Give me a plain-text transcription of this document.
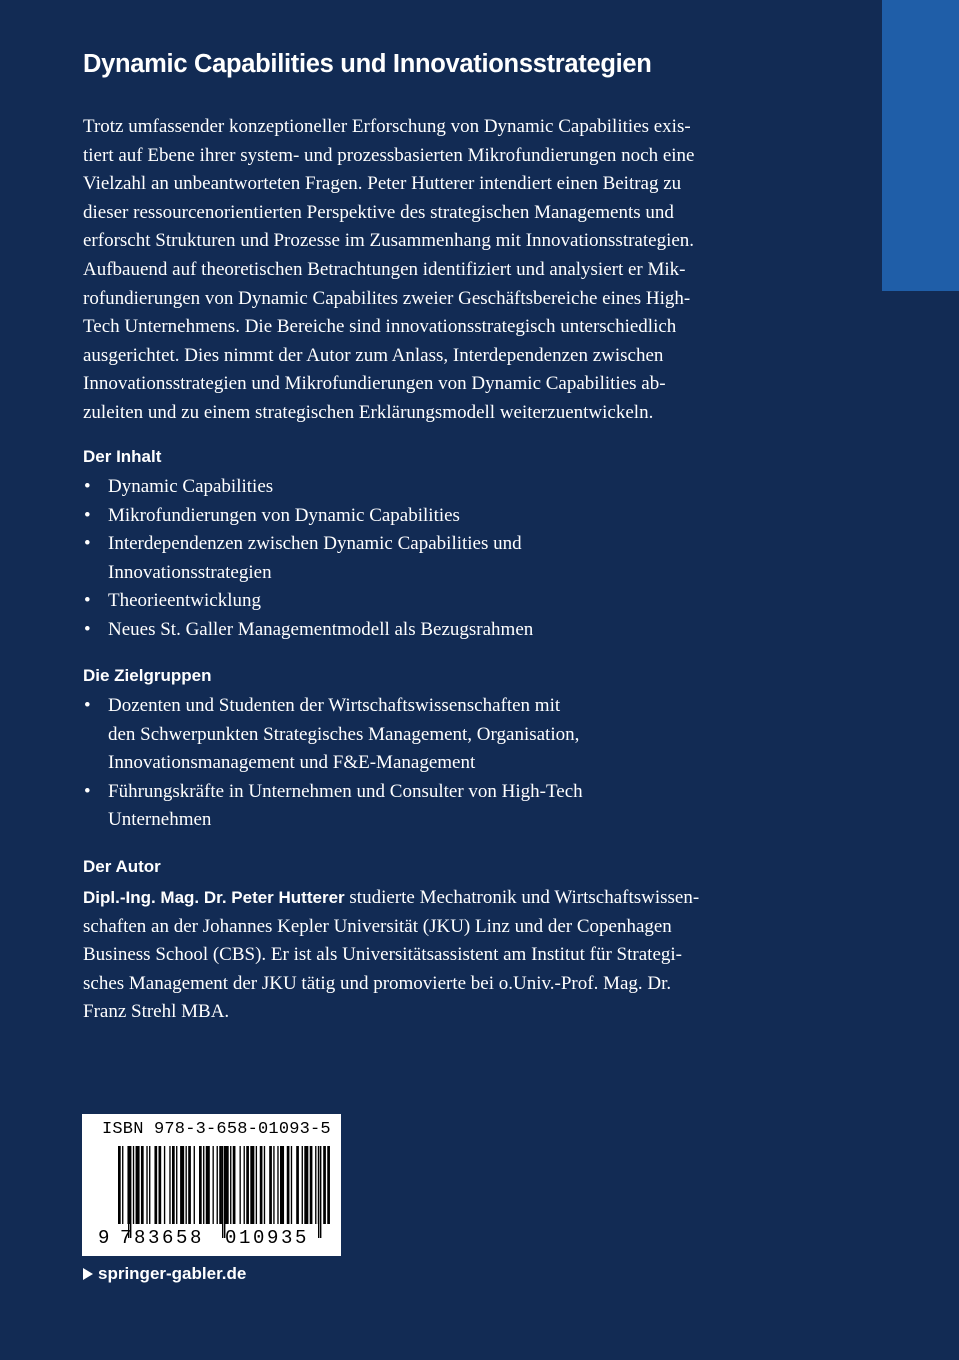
Dynamic Capabilities und Innovationsstrategien
Trotz umfassender konzeptioneller Erforschung von Dynamic Capabilities exis-
tiert auf Ebene ihrer system- und prozessbasierten Mikrofundierungen noch eine
Vielzahl an unbeantworteten Fragen. Peter Hutterer intendiert einen Beitrag zu
dieser ressourcenorientierten Perspektive des strategischen Managements und
erforscht Strukturen und Prozesse im Zusammenhang mit Innovationsstrategien.
Aufbauend auf theoretischen Betrachtungen identifiziert und analysiert er Mik-
rofundierungen von Dynamic Capabilites zweier Geschäftsbereiche eines High-
Tech Unternehmens. Die Bereiche sind innovationsstrategisch unterschiedlich
ausgerichtet. Dies nimmt der Autor zum Anlass, Interdependenzen zwischen
Innovationsstrategien und Mikrofundierungen von Dynamic Capabilities ab-
zuleiten und zu einem strategischen Erklärungsmodell weiterzuentwickeln.
Der Inhalt
• Dynamic Capabilities
• Mikrofundierungen von Dynamic Capabilities
• Interdependenzen zwischen Dynamic Capabilities und
Innovationsstrategien
• Theorieentwicklung
• Neues St. Galler Managementmodell als Bezugsrahmen
Die Zielgruppen
• Dozenten und Studenten der Wirtschaftswissenschaften mit
den Schwerpunkten Strategisches Management, Organisation,
Innovationsmanagement und F&E-Management
• Führungskräfte in Unternehmen und Consulter von High-Tech
Unternehmen
Der Autor
Dipl.-Ing. Mag. Dr. Peter Hutterer studierte Mechatronik und Wirtschaftswissen-
schaften an der Johannes Kepler Universität (JKU) Linz und der Copenhagen
Business School (CBS). Er ist als Universitätsassistent am Institut für Strategi-
sches Management der JKU tätig und promovierte bei o.Univ.-Prof. Mag. Dr.
Franz Strehl MBA.

ISBN 978-3-658-01093-5

9 783658 010935
springer-gabler.de
